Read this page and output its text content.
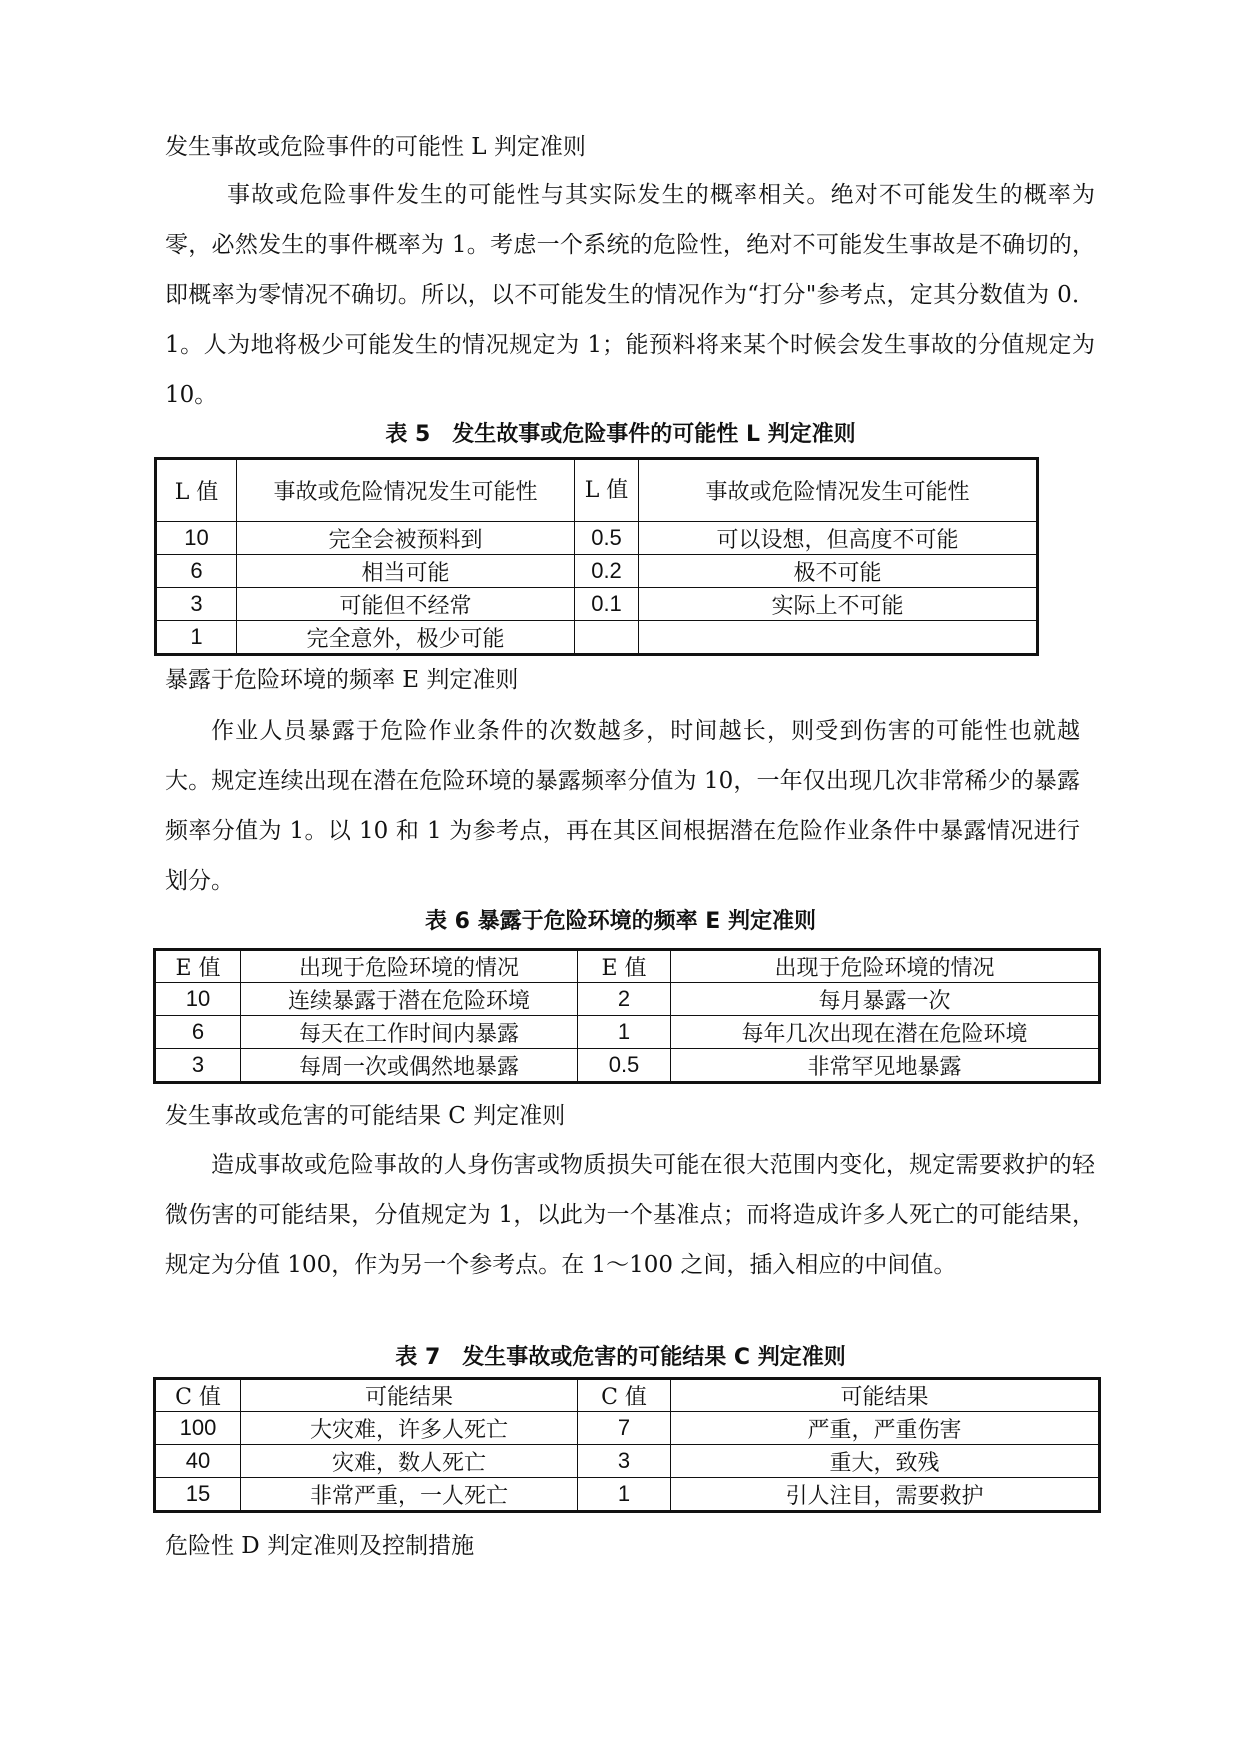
发生事故或危险事件的可能性 L 判定准则
事故或危险事件发生的可能性与其实际发生的概率相关。绝对不可能发生的概率为零，必然发生的事件概率为 1。考虑一个系统的危险性，绝对不可能发生事故是不确切的，即概率为零情况不确切。所以，以不可能发生的情况作为“打分"参考点，定其分数值为 0．1。人为地将极少可能发生的情况规定为 1；能预料将来某个时候会发生事故的分值规定为 10。
表 5　发生故事或危险事件的可能性 L 判定准则
L 值	事故或危险情况发生可能性	L 值	事故或危险情况发生可能性
10	完全会被预料到	0.5	可以设想，但高度不可能
6	相当可能	0.2	极不可能
3	可能但不经常	0.1	实际上不可能
1	完全意外，极少可能		
暴露于危险环境的频率 E 判定准则
作业人员暴露于危险作业条件的次数越多，时间越长，则受到伤害的可能性也就越大。规定连续出现在潜在危险环境的暴露频率分值为 10，一年仅出现几次非常稀少的暴露频率分值为 1。以 10 和 1 为参考点，再在其区间根据潜在危险作业条件中暴露情况进行划分。
表 6 暴露于危险环境的频率 E 判定准则
E 值	出现于危险环境的情况	E 值	出现于危险环境的情况
10	连续暴露于潜在危险环境	2	每月暴露一次
6	每天在工作时间内暴露	1	每年几次出现在潜在危险环境
3	每周一次或偶然地暴露	0.5	非常罕见地暴露
发生事故或危害的可能结果 C 判定准则
造成事故或危险事故的人身伤害或物质损失可能在很大范围内变化，规定需要救护的轻微伤害的可能结果，分值规定为 1，以此为一个基准点；而将造成许多人死亡的可能结果，规定为分值 100，作为另一个参考点。在 1～100 之间，插入相应的中间值。
表 7　发生事故或危害的可能结果 C 判定准则
C 值	可能结果	C 值	可能结果
100	大灾难，许多人死亡	7	严重，严重伤害
40	灾难，数人死亡	3	重大，致残
15	非常严重，一人死亡	1	引人注目，需要救护
危险性 D 判定准则及控制措施
